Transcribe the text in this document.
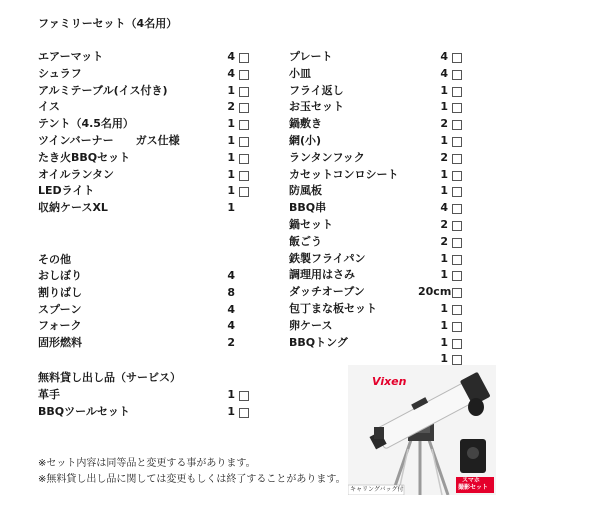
ファミリーセット（4名用）
エアーマット	4
シュラフ	4
アルミテーブル(イス付き)	1
イス	2
テント（4.5名用）	1
ツインバーナー　　ガス仕様	1
たき火BBQセット	1
オイルランタン	1
LEDライト	1
収納ケースXL	1
おしぼり	4
割りばし	8
スプーン	4
フォーク	4
固形燃料	2
プレート	4
小皿	4
フライ返し	1
お玉セット	1
鍋敷き	2
網(小)	1
ランタンフック	2
カセットコンロシート	1
防風板	1
BBQ串	4
鍋セット	2
飯ごう	2
鉄製フライパン	1
調理用はさみ	1
ダッチオーブン	20cm
包丁まな板セット	1
卵ケース	1
BBQトング	1
1
革手	1
BBQツールセット	1
その他
無料貸し出し品（サービス）
※セット内容は同等品と変更する事があります。
※無料貸し出し品に関しては変更もしくは終了することがあります。
Vixen
キャリングバッグ付
スマホ
撮影セット
